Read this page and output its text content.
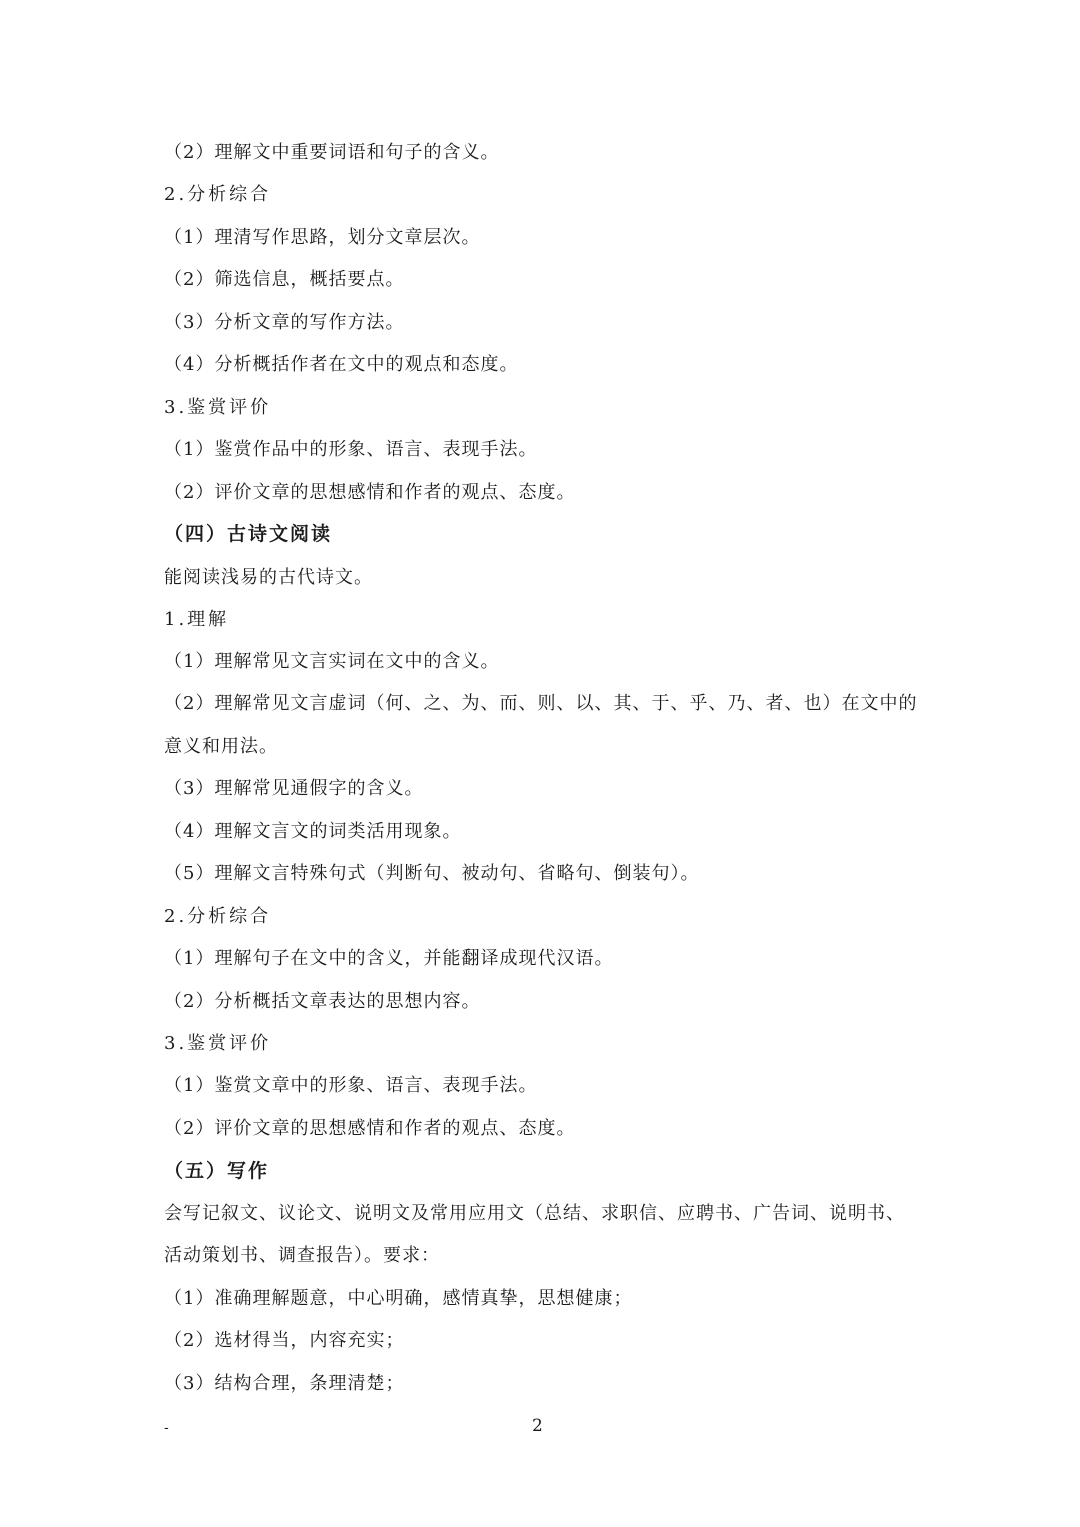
（2）理解文中重要词语和句子的含义。
2.分析综合
（1）理清写作思路，划分文章层次。
（2）筛选信息，概括要点。
（3）分析文章的写作方法。
（4）分析概括作者在文中的观点和态度。
3.鉴赏评价
（1）鉴赏作品中的形象、语言、表现手法。
（2）评价文章的思想感情和作者的观点、态度。
（四）古诗文阅读
能阅读浅易的古代诗文。
1.理解
（1）理解常见文言实词在文中的含义。
（2）理解常见文言虚词（何、之、为、而、则、以、其、于、乎、乃、者、也）在文中的
意义和用法。
（3）理解常见通假字的含义。
（4）理解文言文的词类活用现象。
（5）理解文言特殊句式（判断句、被动句、省略句、倒装句）。
2.分析综合
（1）理解句子在文中的含义，并能翻译成现代汉语。
（2）分析概括文章表达的思想内容。
3.鉴赏评价
（1）鉴赏文章中的形象、语言、表现手法。
（2）评价文章的思想感情和作者的观点、态度。
（五）写作
会写记叙文、议论文、说明文及常用应用文（总结、求职信、应聘书、广告词、说明书、
活动策划书、调查报告）。要求：
（1）准确理解题意，中心明确，感情真挚，思想健康；
（2）选材得当，内容充实；
（3）结构合理，条理清楚；
-	2
